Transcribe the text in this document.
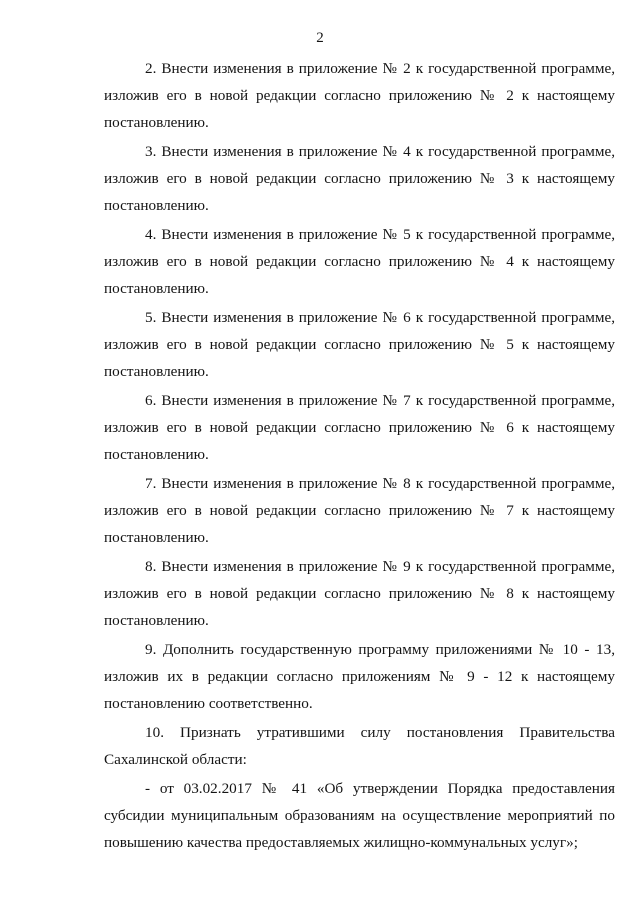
2

2. Внести изменения в приложение № 2 к государственной программе, изложив его в новой редакции согласно приложению № 2 к настоящему постановлению.

3. Внести изменения в приложение № 4 к государственной программе, изложив его в новой редакции согласно приложению № 3 к настоящему постановлению.

4. Внести изменения в приложение № 5 к государственной программе, изложив его в новой редакции согласно приложению № 4 к настоящему постановлению.

5. Внести изменения в приложение № 6 к государственной программе, изложив его в новой редакции согласно приложению № 5 к настоящему постановлению.

6. Внести изменения в приложение № 7 к государственной программе, изложив его в новой редакции согласно приложению № 6 к настоящему постановлению.

7. Внести изменения в приложение № 8 к государственной программе, изложив его в новой редакции согласно приложению № 7 к настоящему постановлению.

8. Внести изменения в приложение № 9 к государственной программе, изложив его в новой редакции согласно приложению № 8 к настоящему постановлению.

9. Дополнить государственную программу приложениями № 10 - 13, изложив их в редакции согласно приложениям № 9 - 12 к настоящему постановлению соответственно.

10. Признать утратившими силу постановления Правительства Сахалинской области:

- от 03.02.2017 № 41 «Об утверждении Порядка предоставления субсидии муниципальным образованиям на осуществление мероприятий по повышению качества предоставляемых жилищно-коммунальных услуг»;
